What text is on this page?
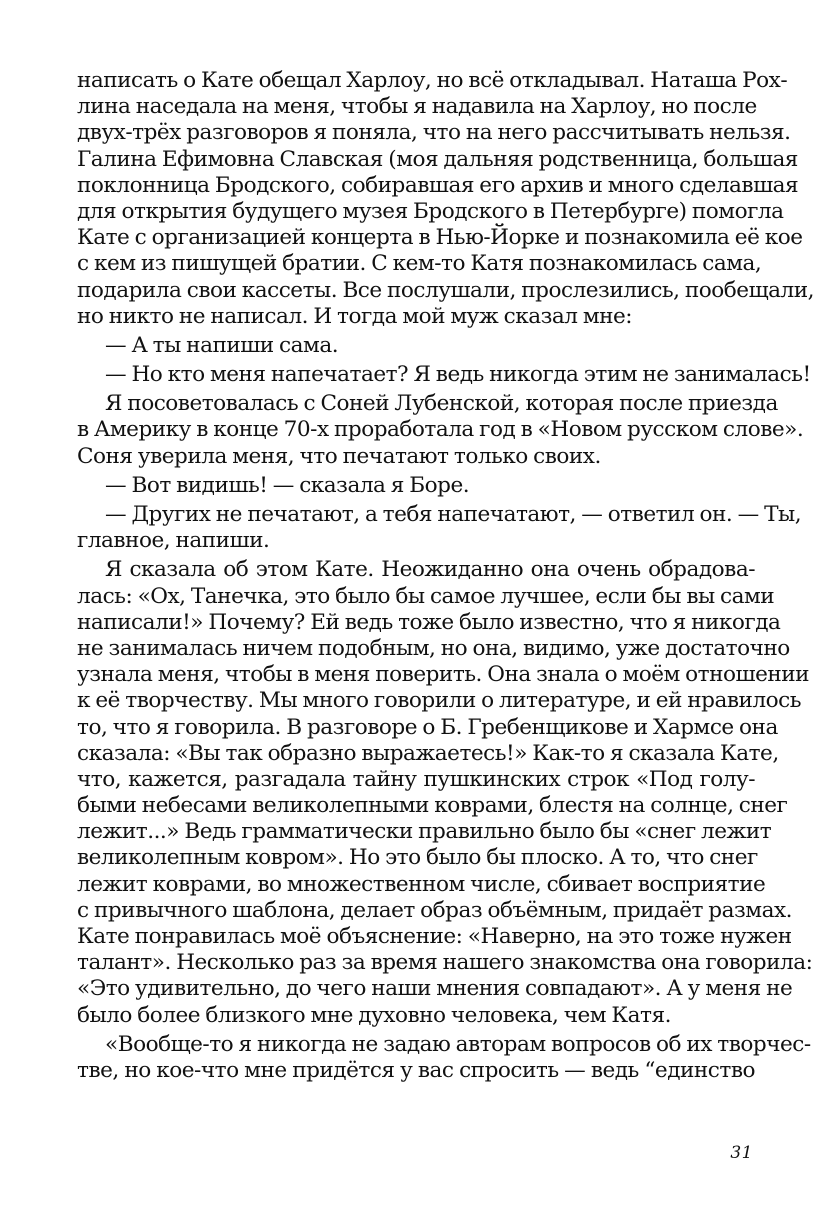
написать о Кате обещал Харлоу, но всё откладывал. Наташа Рох-
лина наседала на меня, чтобы я надавила на Харлоу, но после
двух-трёх разговоров я поняла, что на него рассчитывать нельзя.
Галина Ефимовна Славская (моя дальняя родственница, большая
поклонница Бродского, собиравшая его архив и много сделавшая
для открытия будущего музея Бродского в Петербурге) помогла
Кате с организацией концерта в Нью-Йорке и познакомила её кое
с кем из пишущей братии. С кем-то Катя познакомилась сама,
подарила свои кассеты. Все послушали, прослезились, пообещали,
но никто не написал. И тогда мой муж сказал мне:
— А ты напиши сама.
— Но кто меня напечатает? Я ведь никогда этим не занималась!
Я посоветовалась с Соней Лубенской, которая после приезда
в Америку в конце 70-х проработала год в «Новом русском слове».
Соня уверила меня, что печатают только своих.
— Вот видишь! — сказала я Боре.
— Других не печатают, а тебя напечатают, — ответил он. — Ты,
главное, напиши.
Я сказала об этом Кате. Неожиданно она очень обрадова-
лась: «Ох, Танечка, это было бы самое лучшее, если бы вы сами
написали!» Почему? Ей ведь тоже было известно, что я никогда
не занималась ничем подобным, но она, видимо, уже достаточно
узнала меня, чтобы в меня поверить. Она знала о моём отношении
к её творчеству. Мы много говорили о литературе, и ей нравилось
то, что я говорила. В разговоре о Б. Гребенщикове и Хармсе она
сказала: «Вы так образно выражаетесь!» Как-то я сказала Кате,
что, кажется, разгадала тайну пушкинских строк «Под голу-
быми небесами великолепными коврами, блестя на солнце, снег
лежит...» Ведь грамматически правильно было бы «снег лежит
великолепным ковром». Но это было бы плоско. А то, что снег
лежит коврами, во множественном числе, сбивает восприятие
с привычного шаблона, делает образ объёмным, придаёт размах.
Кате понравилась моё объяснение: «Наверно, на это тоже нужен
талант». Несколько раз за время нашего знакомства она говорила:
«Это удивительно, до чего наши мнения совпадают». А у меня не
было более близкого мне духовно человека, чем Катя.
«Вообще-то я никогда не задаю авторам вопросов об их творчес-
тве, но кое-что мне придётся у вас спросить — ведь “единство
31
